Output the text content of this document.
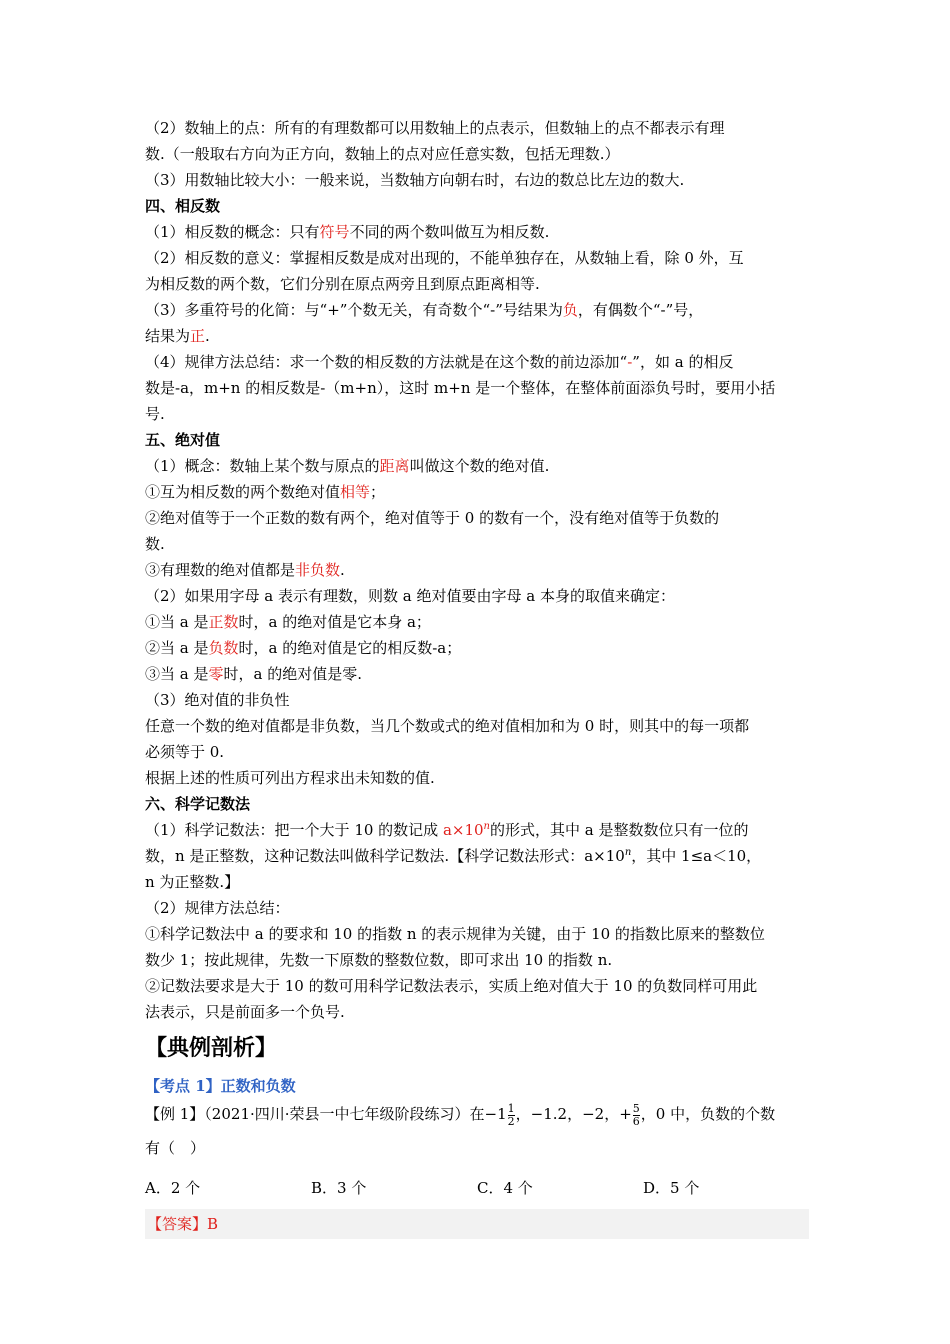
（2）数轴上的点：所有的有理数都可以用数轴上的点表示，但数轴上的点不都表示有理

数.（一般取右方向为正方向，数轴上的点对应任意实数，包括无理数.）

（3）用数轴比较大小：一般来说，当数轴方向朝右时，右边的数总比左边的数大.

四、相反数

（1）相反数的概念：只有符号不同的两个数叫做互为相反数.

（2）相反数的意义：掌握相反数是成对出现的，不能单独存在，从数轴上看，除 0 外，互

为相反数的两个数，它们分别在原点两旁且到原点距离相等.

（3）多重符号的化简：与“+”个数无关，有奇数个“-”号结果为负，有偶数个“-”号，

结果为正.

（4）规律方法总结：求一个数的相反数的方法就是在这个数的前边添加“-”，如 a 的相反

数是-a，m+n 的相反数是-（m+n），这时 m+n 是一个整体，在整体前面添负号时，要用小括

号.

五、绝对值

（1）概念：数轴上某个数与原点的距离叫做这个数的绝对值.

①互为相反数的两个数绝对值相等；

②绝对值等于一个正数的数有两个，绝对值等于 0 的数有一个，没有绝对值等于负数的

数.

③有理数的绝对值都是非负数.

（2）如果用字母 a 表示有理数，则数 a 绝对值要由字母 a 本身的取值来确定：

①当 a 是正数时，a 的绝对值是它本身 a；

②当 a 是负数时，a 的绝对值是它的相反数-a；

③当 a 是零时，a 的绝对值是零.

（3）绝对值的非负性

任意一个数的绝对值都是非负数，当几个数或式的绝对值相加和为 0 时，则其中的每一项都

必须等于 0.

根据上述的性质可列出方程求出未知数的值.

六、科学记数法

（1）科学记数法：把一个大于 10 的数记成 $a\times 10^n$的形式，其中 a 是整数数位只有一位的

数，n 是正整数，这种记数法叫做科学记数法.【科学记数法形式：$a\times 10^n$，其中 1≤a＜10，

n 为正整数.】

（2）规律方法总结：

①科学记数法中 a 的要求和 10 的指数 n 的表示规律为关键，由于 10 的指数比原来的整数位

数少 1；按此规律，先数一下原数的整数位数，即可求出 10 的指数 n.

②记数法要求是大于 10 的数可用科学记数法表示，实质上绝对值大于 10 的负数同样可用此

法表示，只是前面多一个负号.

【典例剖析】

【考点 1】正数和负数

【例 1】（2021·四川·荣县一中七年级阶段练习）在$-1 \frac{1}{2}$ ，−1.2，−2，+ $\frac{5}{6}$ ，0 中，负数的个数

有（　）

A．2 个	B．3 个	C．4 个	D．5 个
【答案】B
